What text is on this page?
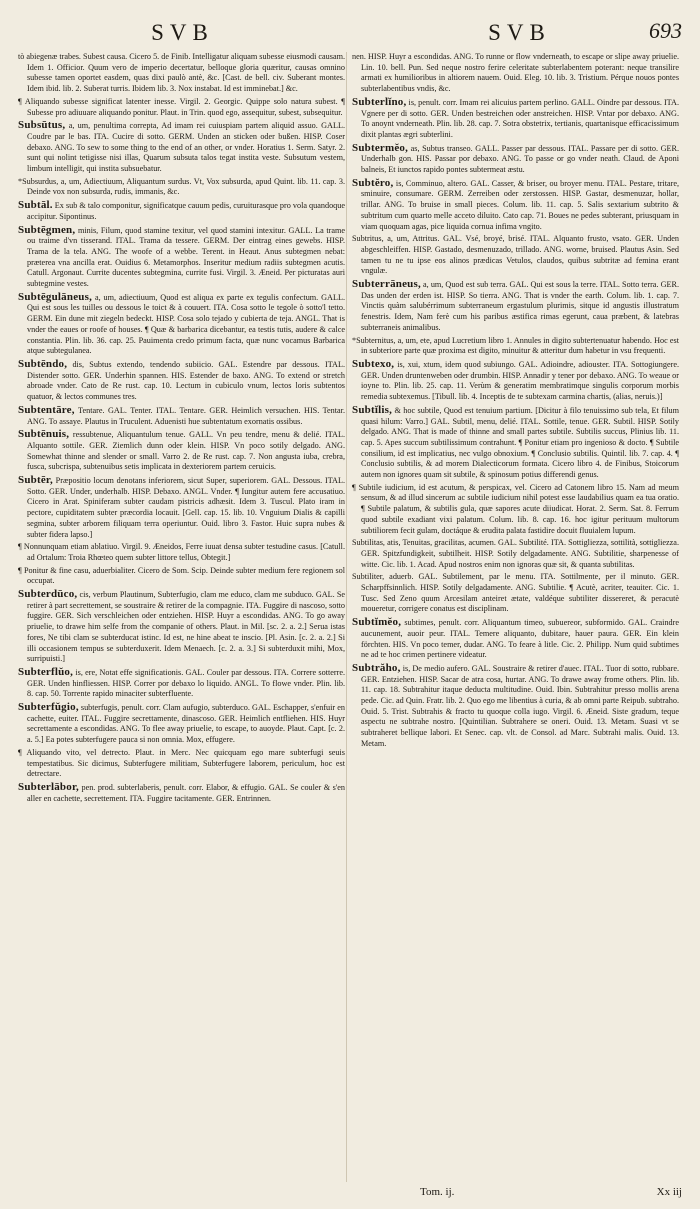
SVB	SVB	693

tò abiegenæ trabes. Subest causa. Cicero 5. de Finib. Intelligatur aliquam subesse eiusmodi causam. Idem 1. Officior. Quum vero de imperio decertatur, belloque gloria quæritur, causas omnino subesse tamen oportet easdem, quas dixi paulò antè, &c. [Cast. de bell. civ. Suberant montes. Idem ibid. lib. 2. Suberat turris. Ibidem lib. 3. Nox instabat. Id est imminebat.] &c.

¶ Aliquando subesse significat latenter inesse. Virgil. 2. Georgic. Quippe solo natura subest. ¶ Subesse pro adiuuare aliquando ponitur. Plaut. in Trin. quod ego, assequitur, subest, subsequitur.

Subsūtus, a, um, penultima correpta, Ad imam rei cuiuspiam partem aliquid assuo. GALL. Coudre par le bas. ITA. Cucire di sotto. GERM. Unden an sticken oder bußen. HISP. Coser debaxo. ANG. To sew to some thing to the end of an other, or vnder. Horatius 1. Serm. Satyr. 2. sunt qui nolint tetigisse nisi illas, Quarum subsuta talos tegat instita veste. Subsutum vestem, limbum intelligit, qui instita subsuebatur.

*Subsurdus, a, um, Adiectiuum, Aliquantum surdus. Vt, Vox subsurda, apud Quint. lib. 11. cap. 3. Deinde vox non subsurda, rudis, immanis, &c.

Subtāl. Ex sub & talo componitur, significatque cauum pedis, curuiturasque pro vola quandoque accipitur. Sipontinus.

Subtēgmen, minis, Filum, quod stamine texitur, vel quod stamini intexitur. GALL. La trame ou traime d'vn tisserand. ITAL. Trama da tessere. GERM. Der eintrag eines gewebs. HISP. Trama de la tela. ANG. The woofe of a webbe. Terent. in Heaut. Anus subtegmen nebat: præterea vna ancilla erat. Ouidius 6. Metamorphos. Inseritur medium radiis subtegmen acutis. Catull. Argonaut. Currite ducentes subtegmina, currite fusi. Virgil. 3. Æneid. Per picturatas auri subtegmine vestes.

Subtēgulāneus, a, um, adiectiuum, Quod est aliqua ex parte ex tegulis confectum. GALL. Qui est sous les tuilles ou dessous le toict & à couuert. ITA. Cosa sotto le tegole ò sotto'l tetto. GERM. Ein dune mit ziegeln bedeckt. HISP. Cosa solo tejado y cubierta de teja. ANGL. That is vnder the eaues or roofe of houses. ¶ Quæ & barbarica dicebantur, ea testis tutis, audere & calce constantia. Plin. lib. 36. cap. 25. Pauimenta credo primum facta, quæ nunc vocamus Barbarica atque subtegulanea.

Subtēndo, dis, Subtus extendo, tendendo subiicio. GAL. Estendre par dessous. ITAL. Distender sotto. GER. Underhin spannen. HIS. Estender de baxo. ANG. To extend or stretch abroade vnder. Cato de Re rust. cap. 10. Lectum in cubiculo vnum, lectos loris subtentos quatuor, & lectos communes tres.

Subtentāre, Tentare. GAL. Tenter. ITAL. Tentare. GER. Heimlich versuchen. HIS. Tentar. ANG. To assaye. Plautus in Truculent. Aduenisti hue subtentatum exornatis ossibus.

Subtēnuis, ressubtenue, Aliquantulum tenue. GALL. Vn peu tendre, menu & delié. ITAL. Alquanto sottile. GER. Ziemlich dunn oder klein. HISP. Vn poco sotily delgado. ANG. Somewhat thinne and slender or small. Varro 2. de Re rust. cap. 7. Non angusta iuba, crebra, fusca, subcrispa, subtenuibus setis implicata in dexteriorem partem ceruicis.

Subtēr, Præpositio locum denotans inferiorem, sicut Super, superiorem. GAL. Dessous. ITAL. Sotto. GER. Under, underhalb. HISP. Debaxo. ANGL. Vnder. ¶ Iungitur autem fere accusatiuo. Cicero in Arat. Spiniferam subter caudam pistricis adhæsit. Idem 3. Tuscul. Plato iram in pectore, cupiditatem subter præcordia locauit. [Gell. cap. 15. lib. 10. Vnguium Dialis & capilli segmina, subter arborem filiquam terra operiuntur. Ouid. libro 3. Fastor. Huic supra nubes & subter fidera lapso.]

¶ Nonnunquam etiam ablatiuo. Virgil. 9. Æneidos, Ferre iuuat densa subter testudine casus. [Catull. ad Ortalum: Troia Rhœteo quem subter littore tellus, Obtegit.]

¶ Ponitur & fine casu, aduerbialiter. Cicero de Som. Scip. Deinde subter medium fere regionem sol occupat.

Subterdūco, cis, verbum Plautinum, Subterfugio, clam me educo, clam me subduco. GAL. Se retirer à part secrettement, se soustraire & retirer de la compagnie. ITA. Fuggire di nascoso, sotto fuggire. GER. Sich verschleichen oder entziehen. HISP. Huyr a escondidas. ANG. To go away priuelie, to drawe him selfe from the companie of others. Plaut. in Mil. [sc. 2. a. 2.] Serua istas fores, Ne tibi clam se subterducat istinc. Id est, ne hine abeat te inscio. [Pl. Asin. [c. 2. a. 2.] Si illi occasionem tempus se subterduxerit. Idem Menaech. [c. 2. a. 3.] Si subterduxit mihi, Mox, surripuisti.]

Subterflŭo, is, ere, Notat effe significationis. GAL. Couler par dessous. ITA. Correre sotterre. GER. Unden hinfliessen. HISP. Correr por debaxo lo liquido. ANGL. To flowe vnder. Plin. lib. 8. cap. 50. Torrente rapido minaciter subterfluente.

Subterfŭgio, subterfugis, penult. corr. Clam aufugio, subterduco. GAL. Eschapper, s'enfuir en cachette, euiter. ITAL. Fuggire secrettamente, dinascoso. GER. Heimlich entfliehen. HIS. Huyr secrettamente a escondidas. ANG. To flee away priuelie, to escape, to auoyde. Plaut. Capt. [c. 2. a. 5.] Ea potes subterfugere pauca si non omnia. Mox, effugere.

¶ Aliquando vito, vel detrecto. Plaut. in Merc. Nec quicquam ego mare subterfugi seuis tempestatibus. Sic dicimus, Subterfugere militiam, Subterfugere laborem, periculum, hoc est detrectare.

Subterlābor, pen. prod. subterlaberis, penult. corr. Elabor, & effugio. GAL. Se couler & s'en aller en cachette, secrettement. ITA. Fuggire tacitamente. GER. Entrinnen.

nen. HISP. Huyr a escondidas. ANG. To runne or flow vnderneath, to escape or slipe away priuelie. Lin. 10. bell. Pun. Sed neque nostro ferire celeritate subterlabentem poterant: neque transilire armati ex humilioribus in altiorem nauem. Ouid. Eleg. 10. lib. 3. Tristium. Pérque nouos pontes subterlabentibus vndis, &c.

Subterlĭno, is, penult. corr. Imam rei alicuius partem perlino. GALL. Oindre par dessous. ITA. Vgnere per di sotto. GER. Unden bestreichen oder anstreichen. HISP. Vntar por debaxo. ANG. To anoynt vnderneath. Plin. lib. 28. cap. 7. Sotra obstetrix, tertianis, quartanisque efficacissimum dixit plantas ægri subterlini.

Subtermĕo, as, Subtus transeo. GALL. Passer par dessous. ITAL. Passare per di sotto. GER. Underhalb gon. HIS. Passar por debaxo. ANG. To passe or go vnder neath. Claud. de Aponi balneis, Et iunctos rapido pontes subtermeat æstu.

Subtĕro, is, Comminuo, altero. GAL. Casser, & briser, ou broyer menu. ITAL. Pestare, tritare, sminuire, consumare. GERM. Zerreiben oder zerstossen. HISP. Gastar, desmenuzar, hollar, trillar. ANG. To bruise in small pieces. Colum. lib. 11. cap. 5. Salis sextarium subtrito & subtritum cum quarto melle acceto diluito. Cato cap. 71. Boues ne pedes subterant, priusquam in viam quoquam agas, pice liquida cornua infima vngito.

Subtritus, a, um, Attritus. GAL. Vsé, broyé, brisé. ITAL. Alquanto frusto, vsato. GER. Unden abgeschleiffen. HISP. Gastado, desmenuzado, trillado. ANG. worne, bruised. Plautus Asin. Sed tamen tu ne tu ipse eos alinos prædicas Vetulos, claudos, quibus subtritæ ad femina erant vngulæ.

Subterrāneus, a, um, Quod est sub terra. GAL. Qui est sous la terre. ITAL. Sotto terra. GER. Das unden der erden ist. HISP. So tierra. ANG. That is vnder the earth. Colum. lib. 1. cap. 7. Vinctis quàm salubérrimum subterraneum ergastulum plurimis, sitque id angustis illustratum fenestris. Idem, Nam ferè cum his paribus æstifica rimas egerunt, caua præbent, & latebras subterraneis animalibus.

*Subternitus, a, um, ete, apud Lucretium libro 1. Annules in digito subtertenuatur habendo. Hoc est in subteriore parte quæ proxima est digito, minuitur & atteritur dum habetur in vsu frequenti.

Subtexo, is, xui, xtum, idem quod subiungo. GAL. Adioindre, adiouster. ITA. Sottogiungere. GER. Unden druntenweben oder drumbin. HISP. Annadir y tener por debaxo. ANG. To weaue or ioyne to. Plin. lib. 25. cap. 11. Verùm & generatim membratimque singulis corporum morbis remedia subtexemus. [Tibull. lib. 4. Inceptis de te subtexam carmina chartis, (alias, neruis.)]

Subtĭlis, & hoc subtile, Quod est tenuium partium. [Dicitur à filo tenuissimo sub tela, Et filum quasi hilum: Varro.] GAL. Subtil, menu, delié. ITAL. Sottile, tenue. GER. Subtil. HISP. Sotily delgado. ANG. That is made of thinne and small partes subtile. Subtilis succus, Plinius lib. 11. cap. 5. Apes succum subtilissimum contrahunt. ¶ Ponitur etiam pro ingenioso & docto. ¶ Subtile consilium, id est implicatius, nec vulgo obnoxium. ¶ Conclusio subtilis. Quintil. lib. 7. cap. 4. ¶ Conclusio subtilis, & ad morem Dialecticorum formata. Cicero libro 4. de Finibus, Stoicorum autem non ignores quam sit subtile, & spinosum potius differendi genus.

¶ Subtile iudicium, id est acutum, & perspicax, vel. Cicero ad Catonem libro 15. Nam ad meum sensum, & ad illud sincerum ac subtile iudicium nihil potest esse laudabilius quam ea tua oratio. ¶ Subtile palatum, & subtilis gula, quæ sapores acute diiudicat. Horat. 2. Serm. Sat. 8. Ferrum quod subtile exadiant vixi palatum. Colum. lib. 8. cap. 16. hoc igitur perituum multorum subtiliorem fecit gulam, doctáque & erudita palata fastidire docuit fluuialem lupum.

Subtilitas, atis, Tenuitas, gracilitas, acumen. GAL. Subtilité. ITA. Sottigliezza, sottilità, sottigliezza. GER. Spitzfundigkeit, subtilheit. HISP. Sotily delgadamente. ANG. Subtilitie, sharpenesse of witte. Cic. lib. 1. Acad. Apud nostros enim non ignoras quæ sit, & quanta subtilitas.

Subtiliter, aduerb. GAL. Subtilement, par le menu. ITA. Sottilmente, per il minuto. GER. Scharpffsinnlich. HISP. Sotily delgadamente. ANG. Subtilie. ¶ Acutè, acriter, teauiter. Cic. 1. Tusc. Sed Zeno quum Arcesilam anteiret ætate, valdéque subtiliter dissereret, & peracutè moueretur, corrigere conatus est disciplinam.

Subtĭmĕo, subtimes, penult. corr. Aliquantum timeo, subuereor, subformido. GAL. Craindre aucunement, auoir peur. ITAL. Temere aliquanto, dubitare, hauer paura. GER. Ein klein förchten. HIS. Vn poco temer, dudar. ANG. To feare à litle. Cic. 2. Philipp. Num quid subtimes ne ad te hoc crimen pertinere videatur.

Subtrăho, is, De medio aufero. GAL. Soustraire & retirer d'auec. ITAL. Tuor di sotto, rubbare. GER. Entziehen. HISP. Sacar de atra cosa, hurtar. ANG. To drawe away frome others. Plin. lib. 11. cap. 18. Subtrahitur itaque deducta multitudine. Ouid. Ibin. Subtrahitur presso mollis arena pede. Cic. ad Quin. Fratr. lib. 2. Quo ego me libentius à curia, & ab omni parte Reipub. subtraho. Ouid. 5. Trist. Subtrahis & fracto tu quoque colla iugo. Virgil. 6. Æneid. Siste gradum, teque aspectu ne subtrahe nostro. [Quintilian. Subtrahere se oneri. Ouid. 13. Metam. Suasi vt se subtraheret bellique labori. Et Senec. cap. vlt. de Consol. ad Marc. Subtrahi malis. Ouid. 13. Metam.

Tom. ij.	Xx iij
